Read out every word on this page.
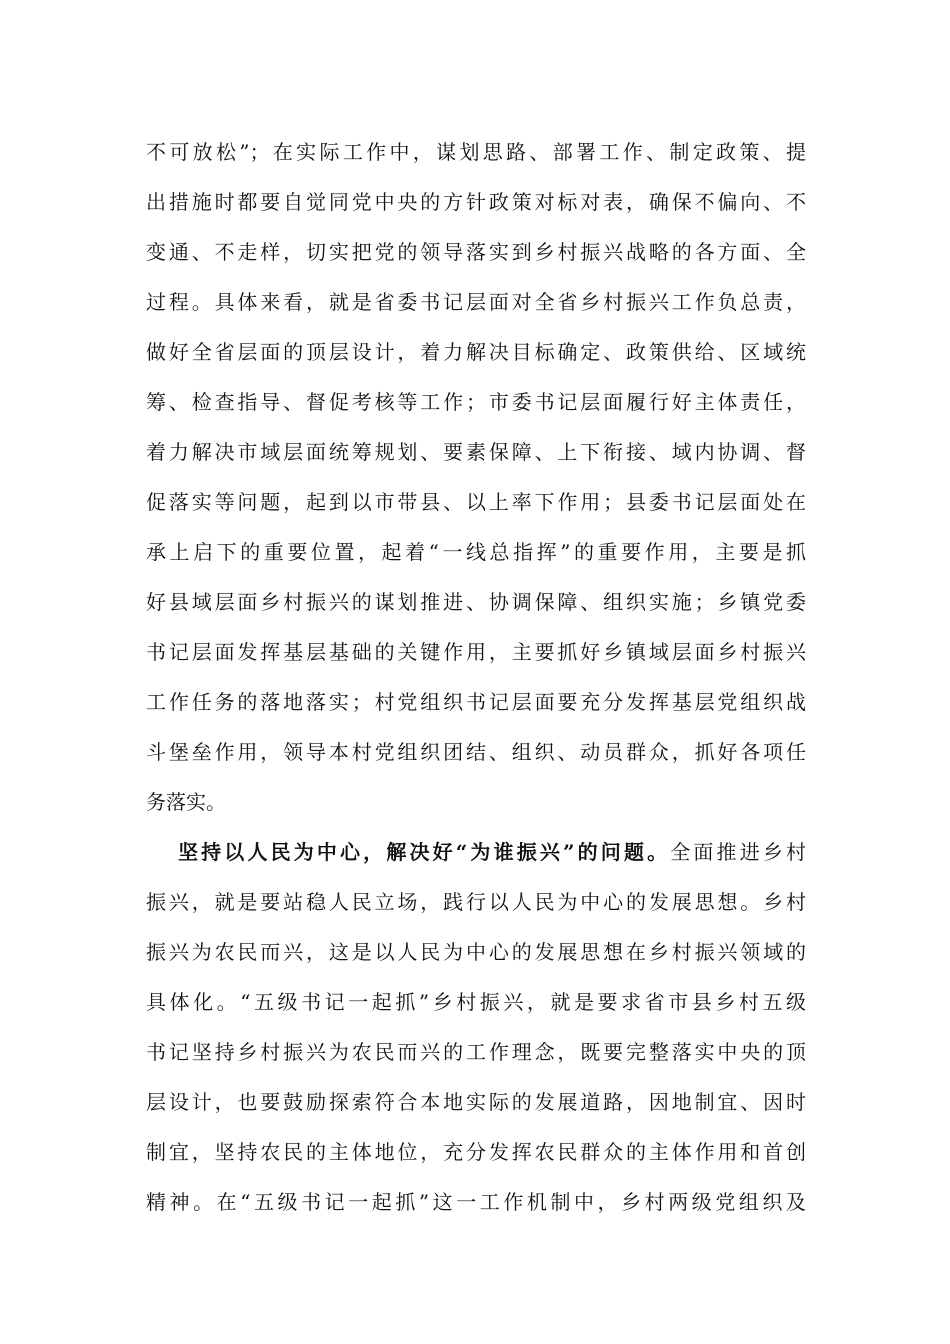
不可放松”；在实际工作中，谋划思路、部署工作、制定政策、提
出措施时都要自觉同党中央的方针政策对标对表，确保不偏向、不
变通、不走样，切实把党的领导落实到乡村振兴战略的各方面、全
过程。具体来看，就是省委书记层面对全省乡村振兴工作负总责，
做好全省层面的顶层设计，着力解决目标确定、政策供给、区域统
筹、检查指导、督促考核等工作；市委书记层面履行好主体责任，
着力解决市域层面统筹规划、要素保障、上下衔接、域内协调、督
促落实等问题，起到以市带县、以上率下作用；县委书记层面处在
承上启下的重要位置，起着“一线总指挥”的重要作用，主要是抓
好县域层面乡村振兴的谋划推进、协调保障、组织实施；乡镇党委
书记层面发挥基层基础的关键作用，主要抓好乡镇域层面乡村振兴
工作任务的落地落实；村党组织书记层面要充分发挥基层党组织战
斗堡垒作用，领导本村党组织团结、组织、动员群众，抓好各项任
务落实。
坚持以人民为中心，解决好“为谁振兴”的问题。全面推进乡村
振兴，就是要站稳人民立场，践行以人民为中心的发展思想。乡村
振兴为农民而兴，这是以人民为中心的发展思想在乡村振兴领域的
具体化。“五级书记一起抓”乡村振兴，就是要求省市县乡村五级
书记坚持乡村振兴为农民而兴的工作理念，既要完整落实中央的顶
层设计，也要鼓励探索符合本地实际的发展道路，因地制宜、因时
制宜，坚持农民的主体地位，充分发挥农民群众的主体作用和首创
精神。在“五级书记一起抓”这一工作机制中，乡村两级党组织及
